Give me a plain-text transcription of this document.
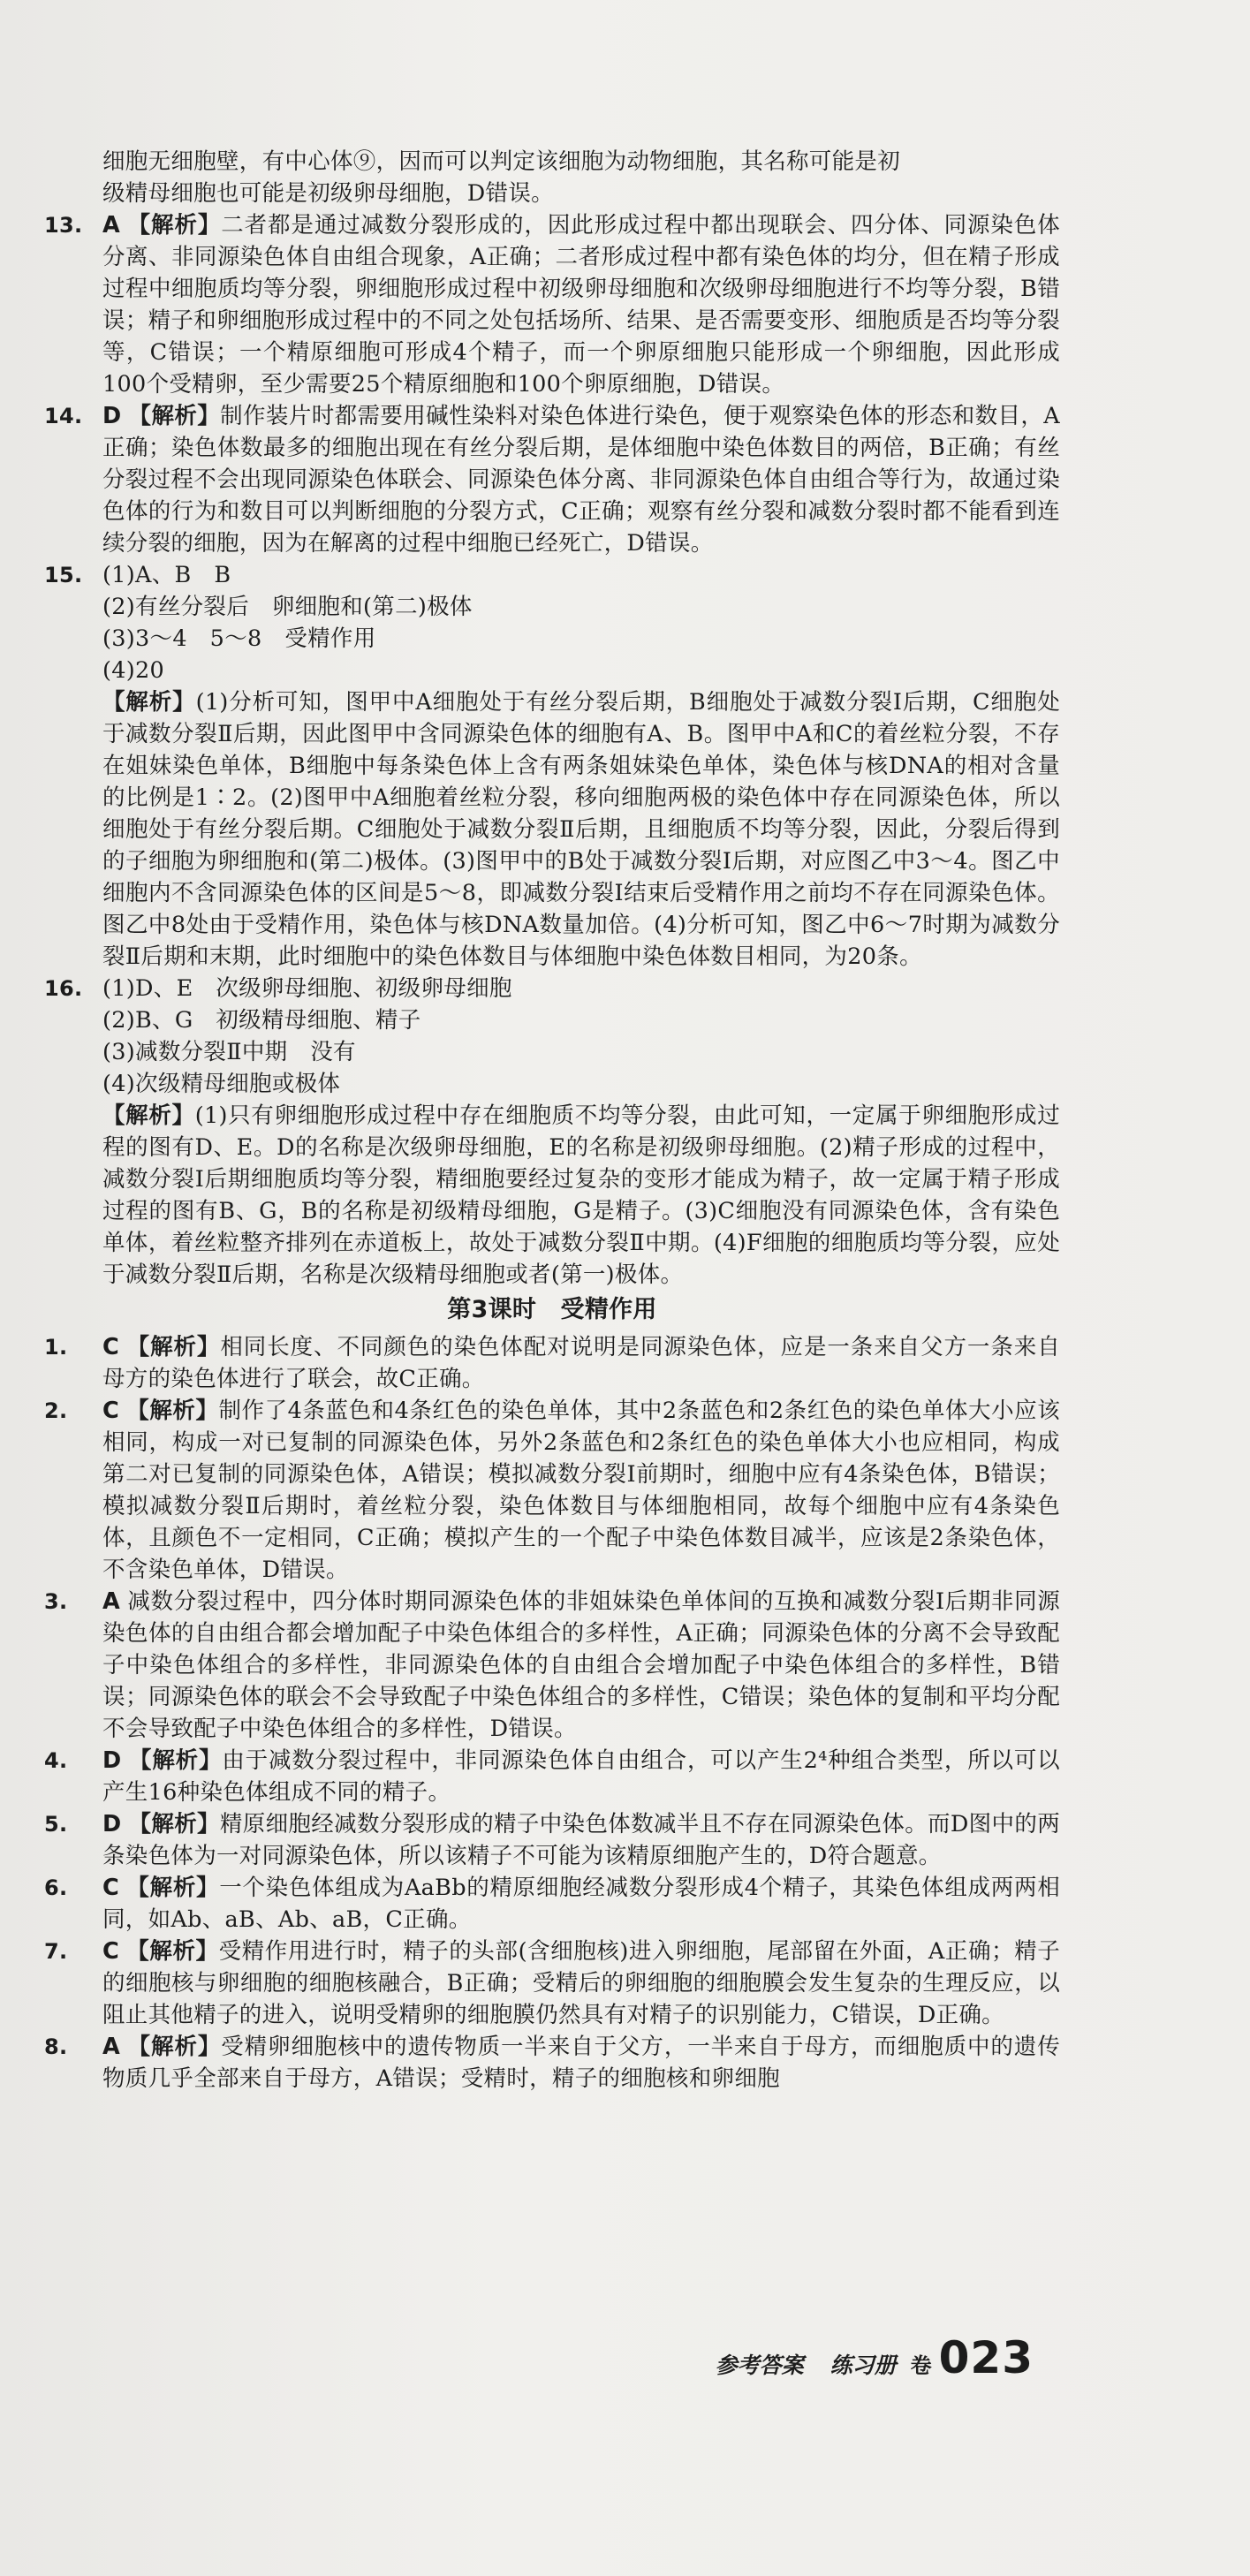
细胞无细胞壁，有中心体⑨，因而可以判定该细胞为动物细胞，其名称可能是初
级精母细胞也可能是初级卵母细胞，D错误。
13. A 【解析】二者都是通过减数分裂形成的，因此形成过程中都出现联会、四分体、同源染色体分离、非同源染色体自由组合现象，A正确；二者形成过程中都有染色体的均分，但在精子形成过程中细胞质均等分裂，卵细胞形成过程中初级卵母细胞和次级卵母细胞进行不均等分裂，B错误；精子和卵细胞形成过程中的不同之处包括场所、结果、是否需要变形、细胞质是否均等分裂等，C错误；一个精原细胞可形成4个精子，而一个卵原细胞只能形成一个卵细胞，因此形成100个受精卵，至少需要25个精原细胞和100个卵原细胞，D错误。
14. D 【解析】制作装片时都需要用碱性染料对染色体进行染色，便于观察染色体的形态和数目，A正确；染色体数最多的细胞出现在有丝分裂后期，是体细胞中染色体数目的两倍，B正确；有丝分裂过程不会出现同源染色体联会、同源染色体分离、非同源染色体自由组合等行为，故通过染色体的行为和数目可以判断细胞的分裂方式，C正确；观察有丝分裂和减数分裂时都不能看到连续分裂的细胞，因为在解离的过程中细胞已经死亡，D错误。
15. (1)A、B　B
(2)有丝分裂后　卵细胞和(第二)极体
(3)3～4　5～8　受精作用
(4)20
【解析】(1)分析可知，图甲中A细胞处于有丝分裂后期，B细胞处于减数分裂Ⅰ后期，C细胞处于减数分裂Ⅱ后期，因此图甲中含同源染色体的细胞有A、B。图甲中A和C的着丝粒分裂，不存在姐妹染色单体，B细胞中每条染色体上含有两条姐妹染色单体，染色体与核DNA的相对含量的比例是1∶2。(2)图甲中A细胞着丝粒分裂，移向细胞两极的染色体中存在同源染色体，所以细胞处于有丝分裂后期。C细胞处于减数分裂Ⅱ后期，且细胞质不均等分裂，因此，分裂后得到的子细胞为卵细胞和(第二)极体。(3)图甲中的B处于减数分裂Ⅰ后期，对应图乙中3～4。图乙中细胞内不含同源染色体的区间是5～8，即减数分裂Ⅰ结束后受精作用之前均不存在同源染色体。图乙中8处由于受精作用，染色体与核DNA数量加倍。(4)分析可知，图乙中6～7时期为减数分裂Ⅱ后期和末期，此时细胞中的染色体数目与体细胞中染色体数目相同，为20条。
16. (1)D、E　次级卵母细胞、初级卵母细胞
(2)B、G　初级精母细胞、精子
(3)减数分裂Ⅱ中期　没有
(4)次级精母细胞或极体
【解析】(1)只有卵细胞形成过程中存在细胞质不均等分裂，由此可知，一定属于卵细胞形成过程的图有D、E。D的名称是次级卵母细胞，E的名称是初级卵母细胞。(2)精子形成的过程中，减数分裂Ⅰ后期细胞质均等分裂，精细胞要经过复杂的变形才能成为精子，故一定属于精子形成过程的图有B、G，B的名称是初级精母细胞，G是精子。(3)C细胞没有同源染色体，含有染色单体，着丝粒整齐排列在赤道板上，故处于减数分裂Ⅱ中期。(4)F细胞的细胞质均等分裂，应处于减数分裂Ⅱ后期，名称是次级精母细胞或者(第一)极体。
第3课时　受精作用
1.	C 【解析】相同长度、不同颜色的染色体配对说明是同源染色体，应是一条来自父方一条来自母方的染色体进行了联会，故C正确。
2.	C 【解析】制作了4条蓝色和4条红色的染色单体，其中2条蓝色和2条红色的染色单体大小应该相同，构成一对已复制的同源染色体，另外2条蓝色和2条红色的染色单体大小也应相同，构成第二对已复制的同源染色体，A错误；模拟减数分裂Ⅰ前期时，细胞中应有4条染色体，B错误；模拟减数分裂Ⅱ后期时，着丝粒分裂，染色体数目与体细胞相同，故每个细胞中应有4条染色体，且颜色不一定相同，C正确；模拟产生的一个配子中染色体数目减半，应该是2条染色体，不含染色单体，D错误。
3.	A 减数分裂过程中，四分体时期同源染色体的非姐妹染色单体间的互换和减数分裂Ⅰ后期非同源染色体的自由组合都会增加配子中染色体组合的多样性，A正确；同源染色体的分离不会导致配子中染色体组合的多样性，非同源染色体的自由组合会增加配子中染色体组合的多样性，B错误；同源染色体的联会不会导致配子中染色体组合的多样性，C错误；染色体的复制和平均分配不会导致配子中染色体组合的多样性，D错误。
4.	D 【解析】由于减数分裂过程中，非同源染色体自由组合，可以产生2⁴种组合类型，所以可以产生16种染色体组成不同的精子。
5.	D 【解析】精原细胞经减数分裂形成的精子中染色体数减半且不存在同源染色体。而D图中的两条染色体为一对同源染色体，所以该精子不可能为该精原细胞产生的，D符合题意。
6.	C 【解析】一个染色体组成为AaBb的精原细胞经减数分裂形成4个精子，其染色体组成两两相同，如Ab、aB、Ab、aB，C正确。
7.	C 【解析】受精作用进行时，精子的头部(含细胞核)进入卵细胞，尾部留在外面，A正确；精子的细胞核与卵细胞的细胞核融合，B正确；受精后的卵细胞的细胞膜会发生复杂的生理反应，以阻止其他精子的进入，说明受精卵的细胞膜仍然具有对精子的识别能力，C错误，D正确。
8.	A 【解析】受精卵细胞核中的遗传物质一半来自于父方，一半来自于母方，而细胞质中的遗传物质几乎全部来自于母方，A错误；受精时，精子的细胞核和卵细胞
参考答案 练习册 卷 023
